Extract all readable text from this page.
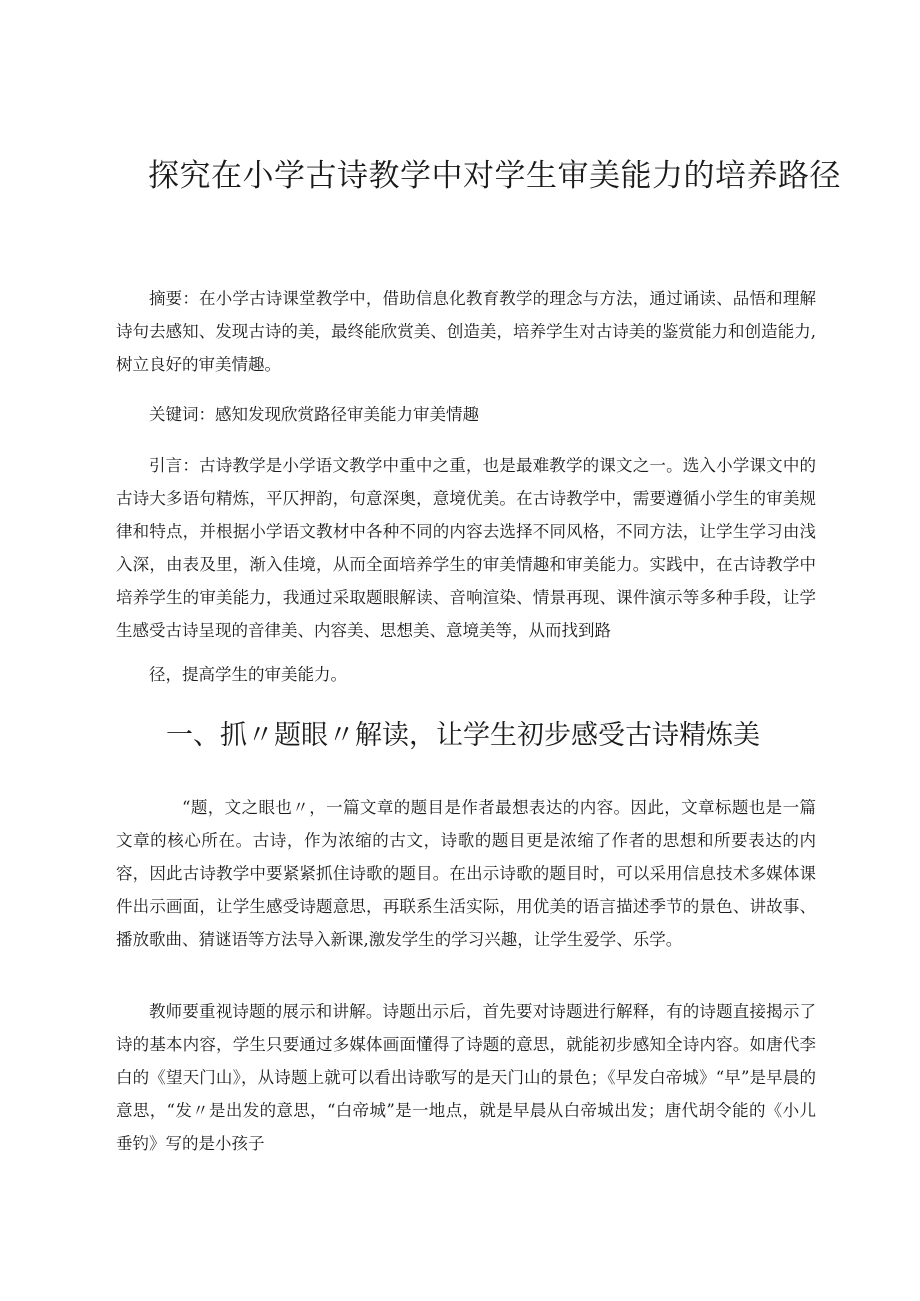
探究在小学古诗教学中对学生审美能力的培养路径

摘要：在小学古诗课堂教学中，借助信息化教育教学的理念与方法，通过诵读、品悟和理解诗句去感知、发现古诗的美，最终能欣赏美、创造美，培养学生对古诗美的鉴赏能力和创造能力,树立良好的审美情趣。

关键词：感知发现欣赏路径审美能力审美情趣

引言：古诗教学是小学语文教学中重中之重，也是最难教学的课文之一。选入小学课文中的古诗大多语句精炼，平仄押韵，句意深奥，意境优美。在古诗教学中，需要遵循小学生的审美规律和特点，并根据小学语文教材中各种不同的内容去选择不同风格，不同方法，让学生学习由浅入深，由表及里，渐入佳境，从而全面培养学生的审美情趣和审美能力。实践中，在古诗教学中培养学生的审美能力，我通过采取题眼解读、音响渲染、情景再现、课件演示等多种手段，让学生感受古诗呈现的音律美、内容美、思想美、意境美等，从而找到路

径，提高学生的审美能力。

一、抓〃题眼〃解读，让学生初步感受古诗精炼美

“题，文之眼也〃，一篇文章的题目是作者最想表达的内容。因此，文章标题也是一篇文章的核心所在。古诗，作为浓缩的古文，诗歌的题目更是浓缩了作者的思想和所要表达的内容，因此古诗教学中要紧紧抓住诗歌的题目。在出示诗歌的题目时，可以采用信息技术多媒体课件出示画面，让学生感受诗题意思，再联系生活实际，用优美的语言描述季节的景色、讲故事、播放歌曲、猜谜语等方法导入新课,激发学生的学习兴趣，让学生爱学、乐学。

教师要重视诗题的展示和讲解。诗题出示后，首先要对诗题进行解释，有的诗题直接揭示了诗的基本内容，学生只要通过多媒体画面懂得了诗题的意思，就能初步感知全诗内容。如唐代李白的《望天门山》，从诗题上就可以看出诗歌写的是天门山的景色；《早发白帝城》“早”是早晨的意思，“发〃是出发的意思，“白帝城”是一地点，就是早晨从白帝城出发；唐代胡令能的《小儿垂钓》写的是小孩子
